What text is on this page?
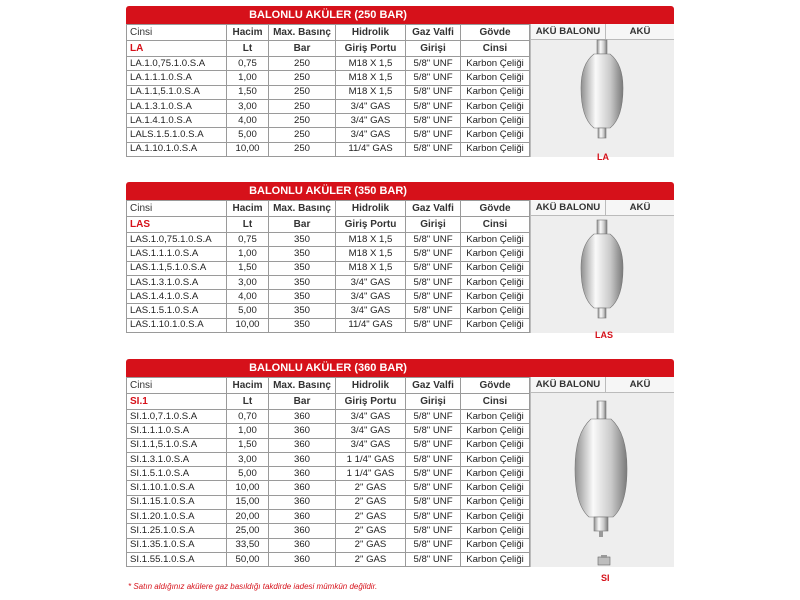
BALONLU AKÜLER (250 BAR)
Cinsi	Hacim	Max. Basınç	Hidrolik	Gaz Valfi	Gövde
LA	Lt	Bar	Giriş Portu	Girişi	Cinsi
LA.1.0,75.1.0.S.A	0,75	250	M18 X 1,5	5/8" UNF	Karbon Çeliği
LA.1.1.1.0.S.A	1,00	250	M18 X 1,5	5/8" UNF	Karbon Çeliği
LA.1.1,5.1.0.S.A	1,50	250	M18 X 1,5	5/8" UNF	Karbon Çeliği
LA.1.3.1.0.S.A	3,00	250	3/4" GAS	5/8" UNF	Karbon Çeliği
LA.1.4.1.0.S.A	4,00	250	3/4" GAS	5/8" UNF	Karbon Çeliği
LALS.1.5.1.0.S.A	5,00	250	3/4" GAS	5/8" UNF	Karbon Çeliği
LA.1.10.1.0.S.A	10,00	250	11/4" GAS	5/8" UNF	Karbon Çeliği
AKÜ BALONU	AKÜ
LA
BALONLU AKÜLER (350 BAR)
Cinsi	Hacim	Max. Basınç	Hidrolik	Gaz Valfi	Gövde
LAS	Lt	Bar	Giriş Portu	Girişi	Cinsi
LAS.1.0,75.1.0.S.A	0,75	350	M18 X 1,5	5/8" UNF	Karbon Çeliği
LAS.1.1.1.0.S.A	1,00	350	M18 X 1,5	5/8" UNF	Karbon Çeliği
LAS.1.1,5.1.0.S.A	1,50	350	M18 X 1,5	5/8" UNF	Karbon Çeliği
LAS.1.3.1.0.S.A	3,00	350	3/4" GAS	5/8" UNF	Karbon Çeliği
LAS.1.4.1.0.S.A	4,00	350	3/4" GAS	5/8" UNF	Karbon Çeliği
LAS.1.5.1.0.S.A	5,00	350	3/4" GAS	5/8" UNF	Karbon Çeliği
LAS.1.10.1.0.S.A	10,00	350	11/4" GAS	5/8" UNF	Karbon Çeliği
AKÜ BALONU	AKÜ
LAS
BALONLU AKÜLER (360 BAR)
Cinsi	Hacim	Max. Basınç	Hidrolik	Gaz Valfi	Gövde
SI.1	Lt	Bar	Giriş Portu	Girişi	Cinsi
SI.1.0,7.1.0.S.A	0,70	360	3/4" GAS	5/8" UNF	Karbon Çeliği
SI.1.1.1.0.S.A	1,00	360	3/4" GAS	5/8" UNF	Karbon Çeliği
SI.1.1,5.1.0.S.A	1,50	360	3/4" GAS	5/8" UNF	Karbon Çeliği
SI.1.3.1.0.S.A	3,00	360	1 1/4" GAS	5/8" UNF	Karbon Çeliği
SI.1.5.1.0.S.A	5,00	360	1 1/4" GAS	5/8" UNF	Karbon Çeliği
SI.1.10.1.0.S.A	10,00	360	2" GAS	5/8" UNF	Karbon Çeliği
SI.1.15.1.0.S.A	15,00	360	2" GAS	5/8" UNF	Karbon Çeliği
SI.1.20.1.0.S.A	20,00	360	2" GAS	5/8" UNF	Karbon Çeliği
SI.1.25.1.0.S.A	25,00	360	2" GAS	5/8" UNF	Karbon Çeliği
SI.1.35.1.0.S.A	33,50	360	2" GAS	5/8" UNF	Karbon Çeliği
SI.1.55.1.0.S.A	50,00	360	2" GAS	5/8" UNF	Karbon Çeliği
AKÜ BALONU	AKÜ
SI
* Satın aldığınız akülere gaz basıldığı takdirde iadesi mümkün değildir.
